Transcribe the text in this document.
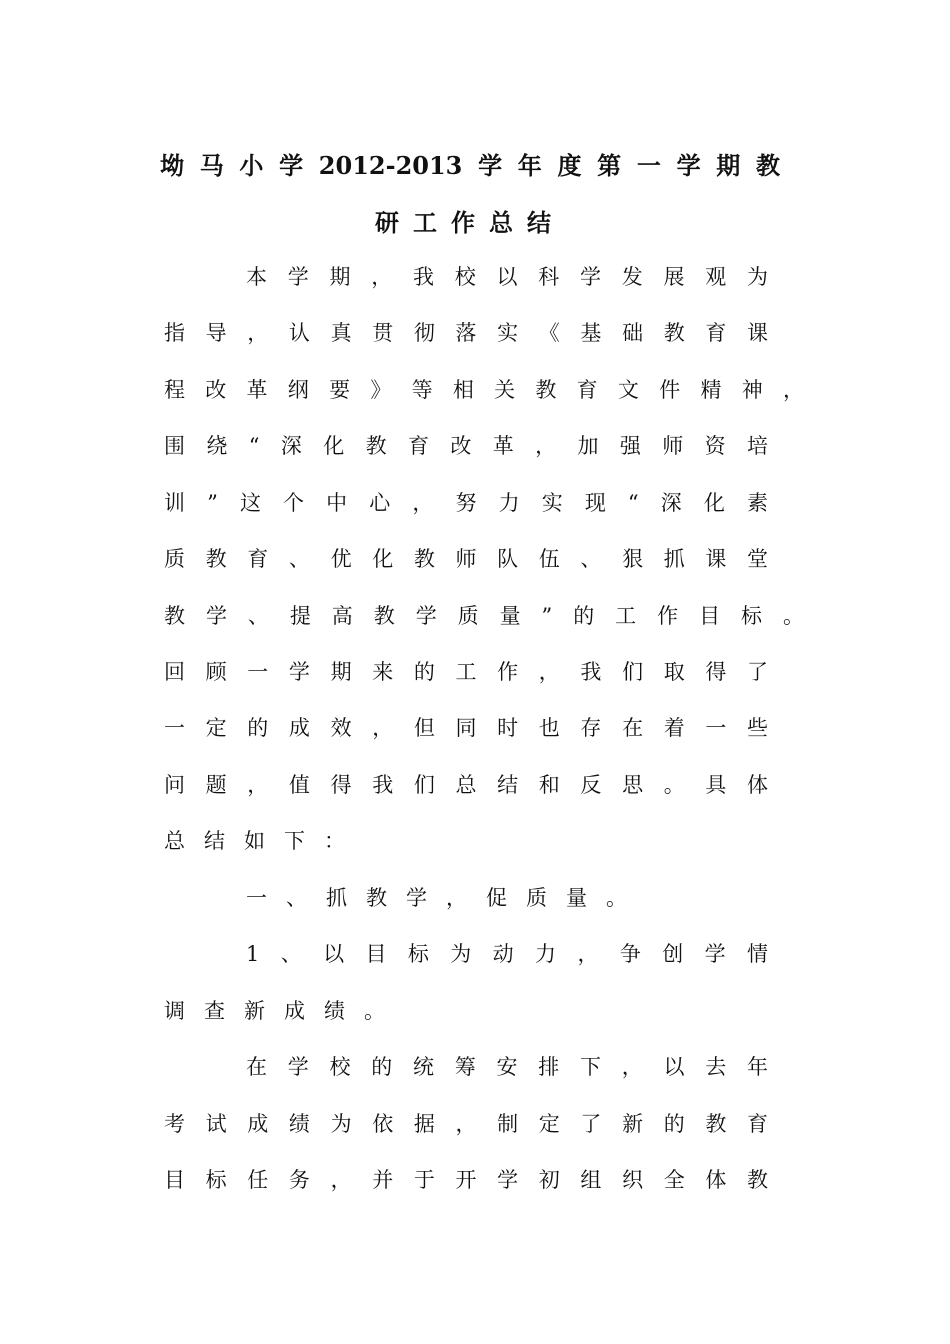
坳马小学2012-2013学年度第一学期教
研工作总结
本学期，我校以科学发展观为
指导，认真贯彻落实《基础教育课
程改革纲要》等相关教育文件精神，
围绕“深化教育改革，加强师资培
训”这个中心，努力实现“深化素
质教育、优化教师队伍、狠抓课堂
教学、提高教学质量”的工作目标。
回顾一学期来的工作，我们取得了
一定的成效，但同时也存在着一些
问题，值得我们总结和反思。具体
总结如下：
一、抓教学，促质量。
1、以目标为动力，争创学情
调查新成绩。
在学校的统筹安排下，以去年
考试成绩为依据，制定了新的教育
目标任务，并于开学初组织全体教
